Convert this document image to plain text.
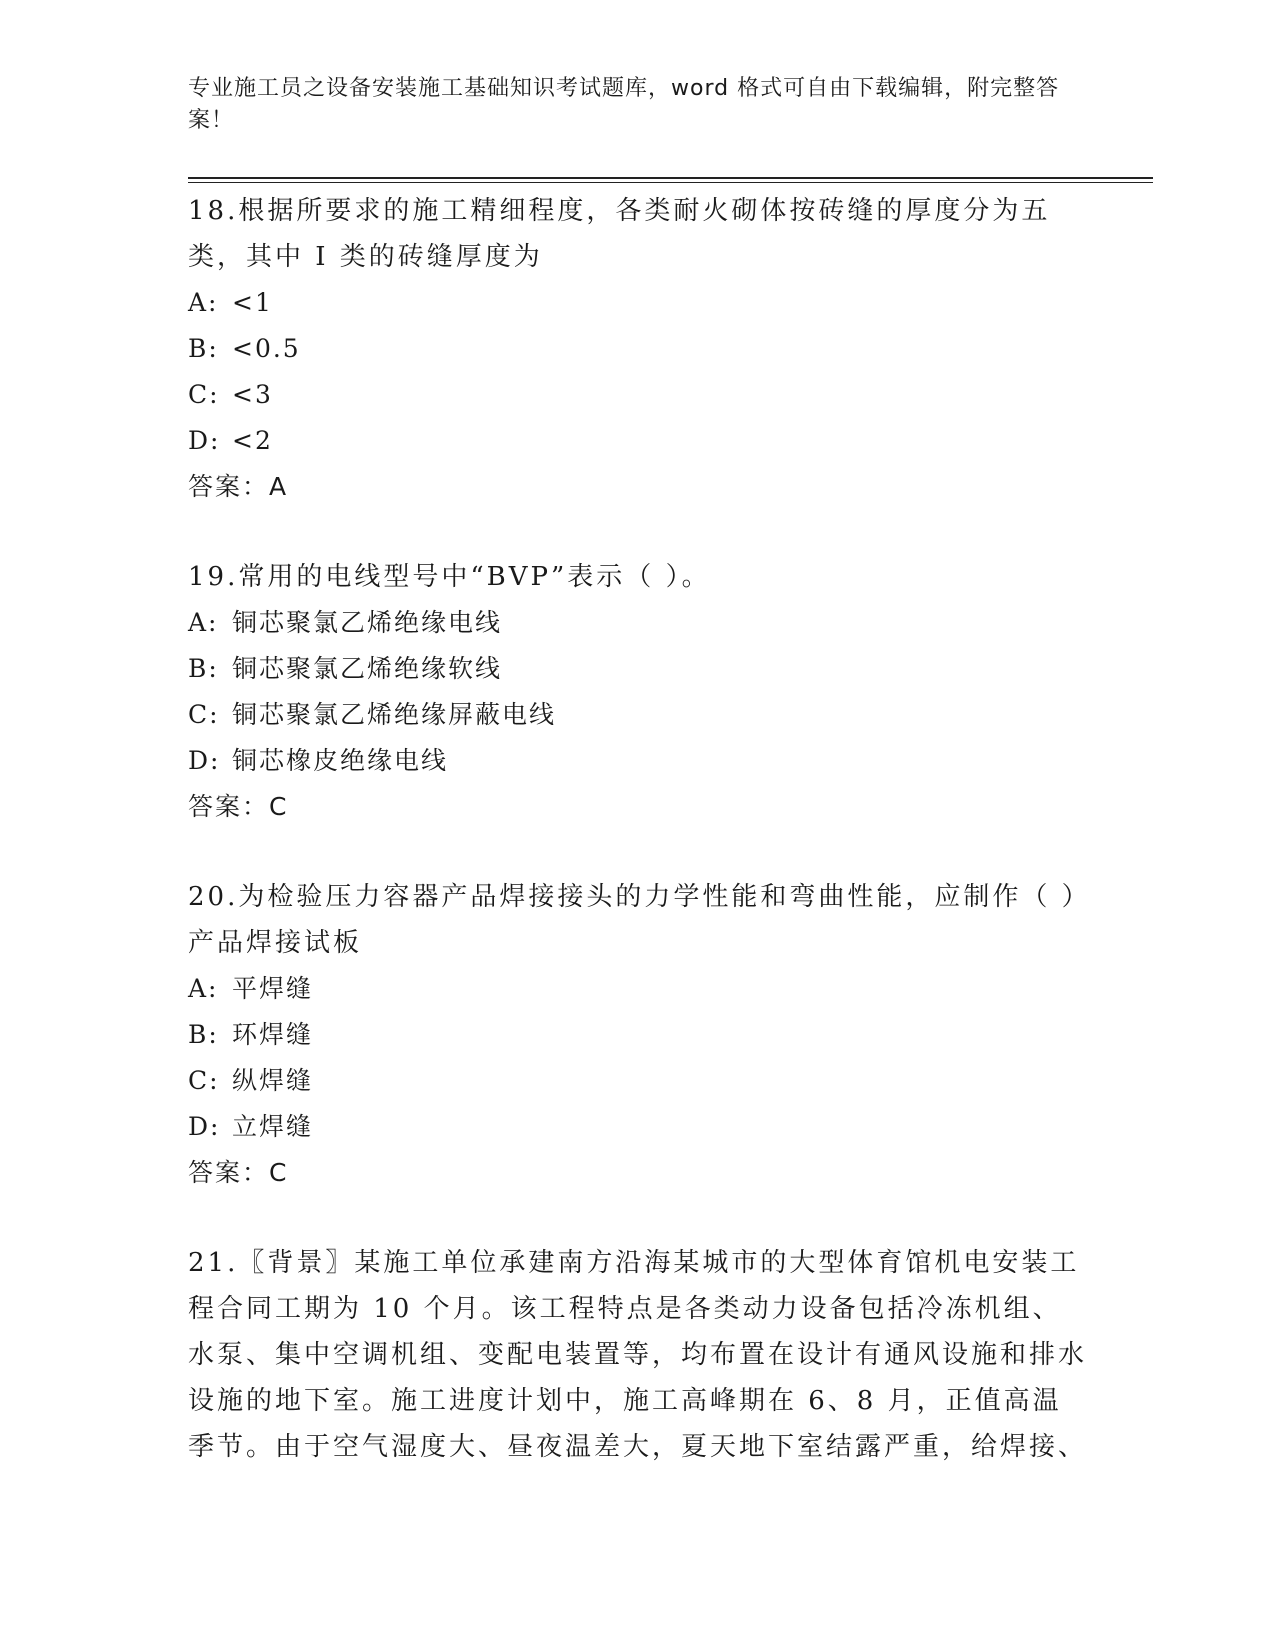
专业施工员之设备安装施工基础知识考试题库，word 格式可自由下载编辑，附完整答案！

18.根据所要求的施工精细程度，各类耐火砌体按砖缝的厚度分为五类，其中 I 类的砖缝厚度为

A: <1

B: <0.5

C: <3

D: <2

答案：A

19.常用的电线型号中“BVP”表示（ ）。

A: 铜芯聚氯乙烯绝缘电线

B: 铜芯聚氯乙烯绝缘软线

C: 铜芯聚氯乙烯绝缘屏蔽电线

D: 铜芯橡皮绝缘电线

答案：C

20.为检验压力容器产品焊接接头的力学性能和弯曲性能，应制作（ ）产品焊接试板

A: 平焊缝

B: 环焊缝

C: 纵焊缝

D: 立焊缝

答案：C

21.〖背景〗某施工单位承建南方沿海某城市的大型体育馆机电安装工程合同工期为 10 个月。该工程特点是各类动力设备包括冷冻机组、水泵、集中空调机组、变配电装置等，均布置在设计有通风设施和排水设施的地下室。施工进度计划中，施工高峰期在 6、8 月，正值高温季节。由于空气湿度大、昼夜温差大，夏天地下室结露严重，给焊接、
